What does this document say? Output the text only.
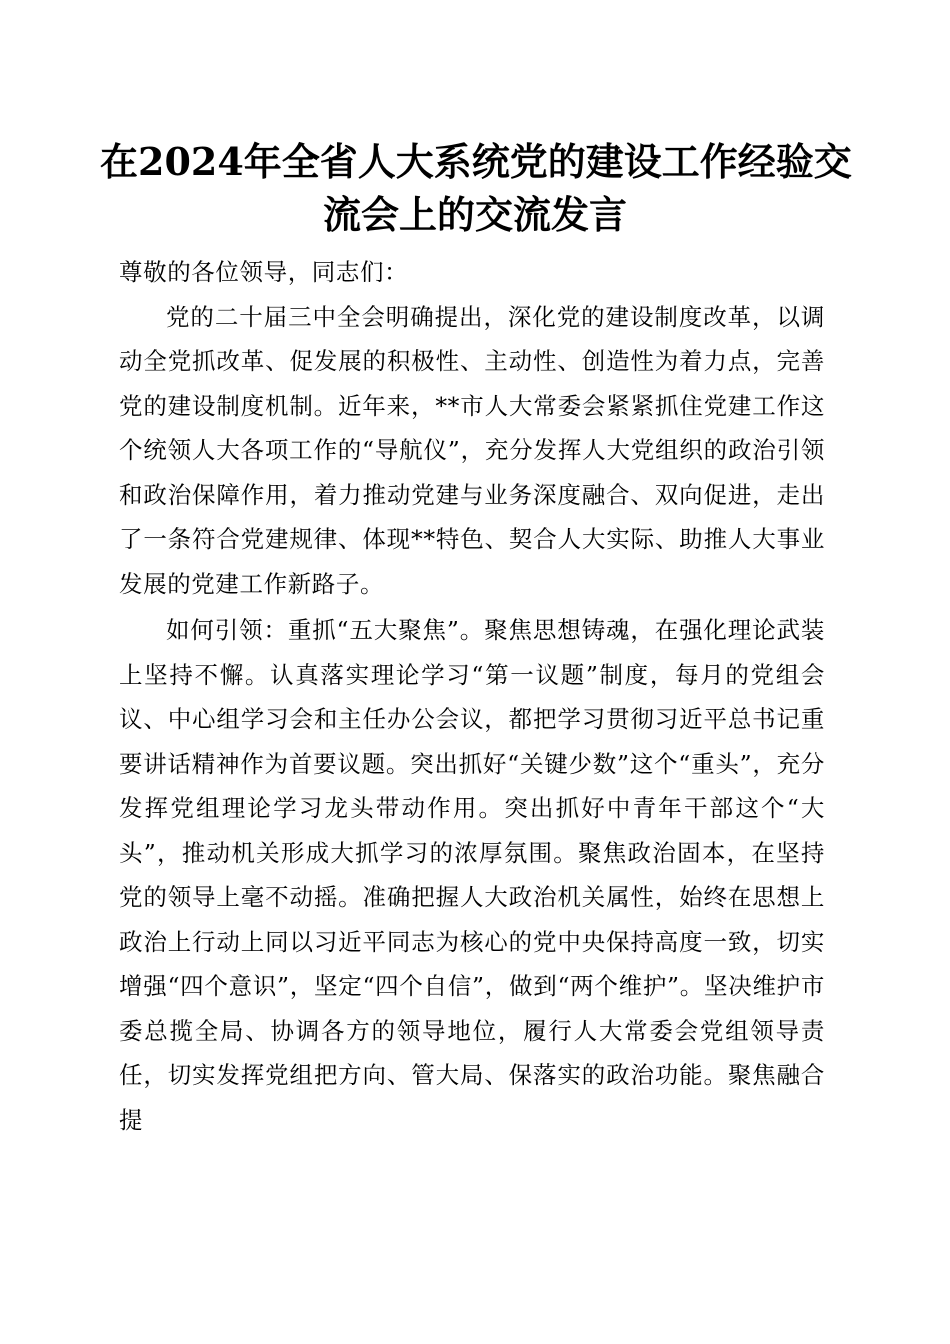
在2024年全省人大系统党的建设工作经验交
流会上的交流发言

尊敬的各位领导，同志们：

党的二十届三中全会明确提出，深化党的建设制度改革，以调动全党抓改革、促发展的积极性、主动性、创造性为着力点，完善党的建设制度机制。近年来，**市人大常委会紧紧抓住党建工作这个统领人大各项工作的“导航仪”，充分发挥人大党组织的政治引领和政治保障作用，着力推动党建与业务深度融合、双向促进，走出了一条符合党建规律、体现**特色、契合人大实际、助推人大事业发展的党建工作新路子。

如何引领：重抓“五大聚焦”。聚焦思想铸魂，在强化理论武装上坚持不懈。认真落实理论学习“第一议题”制度，每月的党组会议、中心组学习会和主任办公会议，都把学习贯彻习近平总书记重要讲话精神作为首要议题。突出抓好“关键少数”这个“重头”，充分发挥党组理论学习龙头带动作用。突出抓好中青年干部这个“大头”，推动机关形成大抓学习的浓厚氛围。聚焦政治固本，在坚持党的领导上毫不动摇。准确把握人大政治机关属性，始终在思想上政治上行动上同以习近平同志为核心的党中央保持高度一致，切实增强“四个意识”，坚定“四个自信”，做到“两个维护”。坚决维护市委总揽全局、协调各方的领导地位，履行人大常委会党组领导责任，切实发挥党组把方向、管大局、保落实的政治功能。聚焦融合提
